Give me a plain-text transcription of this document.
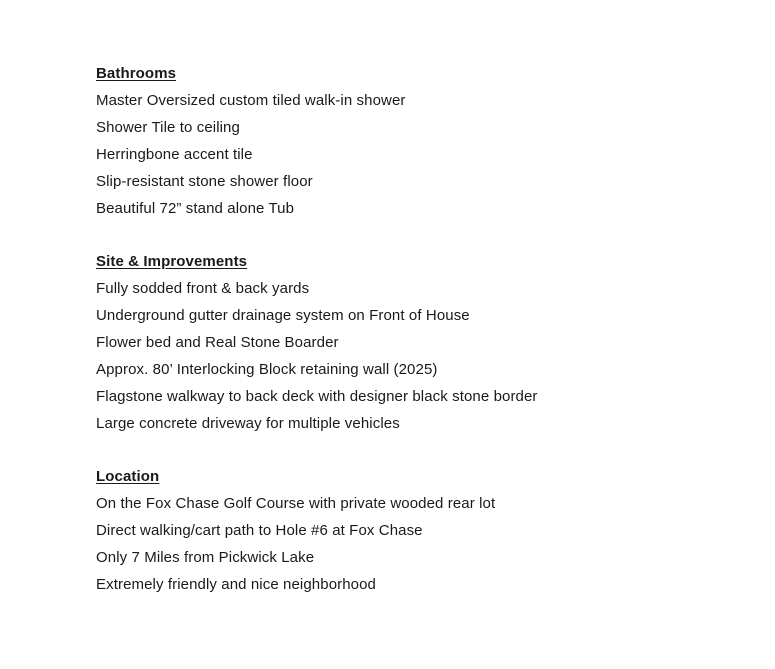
Bathrooms
Master Oversized custom tiled walk-in shower
Shower Tile to ceiling
Herringbone accent tile
Slip-resistant stone shower floor
Beautiful 72” stand alone Tub
Site & Improvements
Fully sodded front & back yards
Underground gutter drainage system on Front of House
Flower bed and Real Stone Boarder
Approx. 80’ Interlocking Block retaining wall (2025)
Flagstone walkway to back deck with designer black stone border
Large concrete driveway for multiple vehicles
Location
On the Fox Chase Golf Course with private wooded rear lot
Direct walking/cart path to Hole #6 at Fox Chase
Only 7 Miles from Pickwick Lake
Extremely friendly and nice neighborhood
